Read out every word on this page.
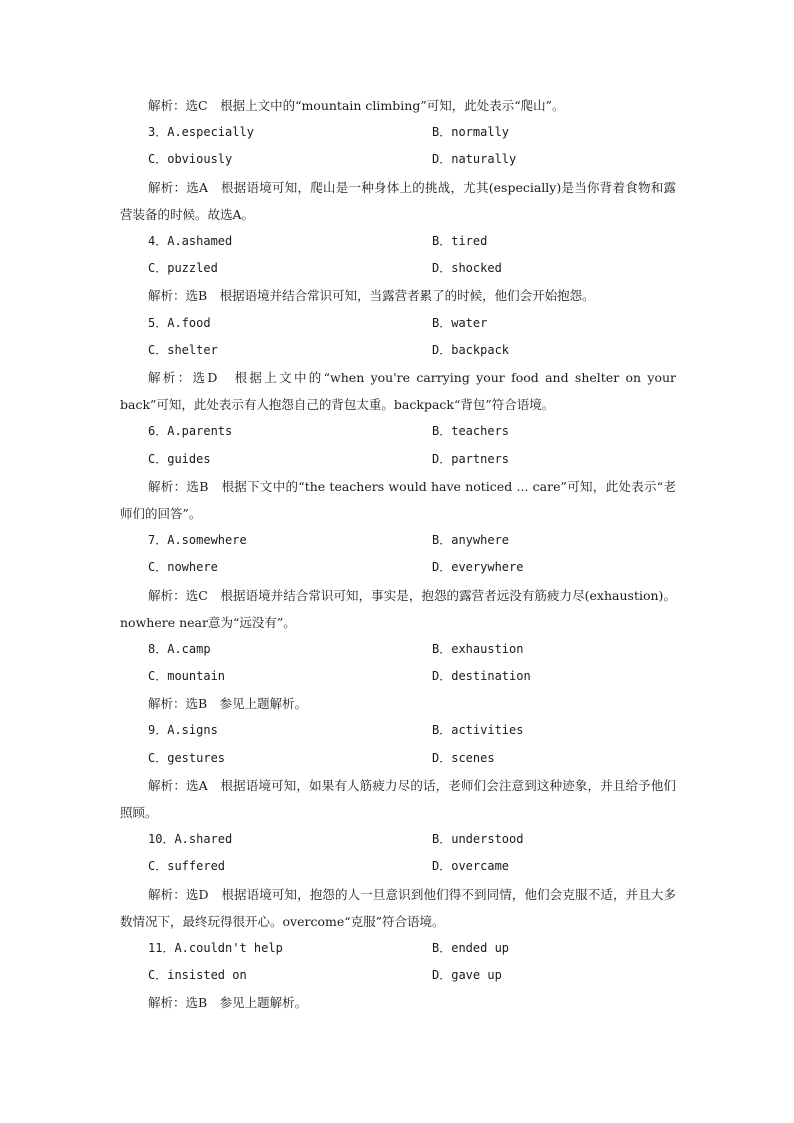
解析：选C　根据上文中的“mountain climbing”可知，此处表示“爬山”。
3．A.especially	B．normally
C．obviously	D．naturally
解析：选A　根据语境可知，爬山是一种身体上的挑战，尤其(especially)是当你背着食物和露营装备的时候。故选A。
4．A.ashamed	B．tired
C．puzzled	D．shocked
解析：选B　根据语境并结合常识可知，当露营者累了的时候，他们会开始抱怨。
5．A.food	B．water
C．shelter	D．backpack
解析：选D　根据上文中的“when you're carrying your food and shelter on your back”可知，此处表示有人抱怨自己的背包太重。backpack“背包”符合语境。
6．A.parents	B．teachers
C．guides	D．partners
解析：选B　根据下文中的“the teachers would have noticed ... care”可知，此处表示“老师们的回答”。
7．A.somewhere	B．anywhere
C．nowhere	D．everywhere
解析：选C　根据语境并结合常识可知，事实是，抱怨的露营者远没有筋疲力尽(exhaustion)。nowhere near意为“远没有”。
8．A.camp	B．exhaustion
C．mountain	D．destination
解析：选B　参见上题解析。
9．A.signs	B．activities
C．gestures	D．scenes
解析：选A　根据语境可知，如果有人筋疲力尽的话，老师们会注意到这种迹象，并且给予他们照顾。
10．A.shared	B．understood
C．suffered	D．overcame
解析：选D　根据语境可知，抱怨的人一旦意识到他们得不到同情，他们会克服不适，并且大多数情况下，最终玩得很开心。overcome“克服”符合语境。
11．A.couldn't help	B．ended up
C．insisted on	D．gave up
解析：选B　参见上题解析。
